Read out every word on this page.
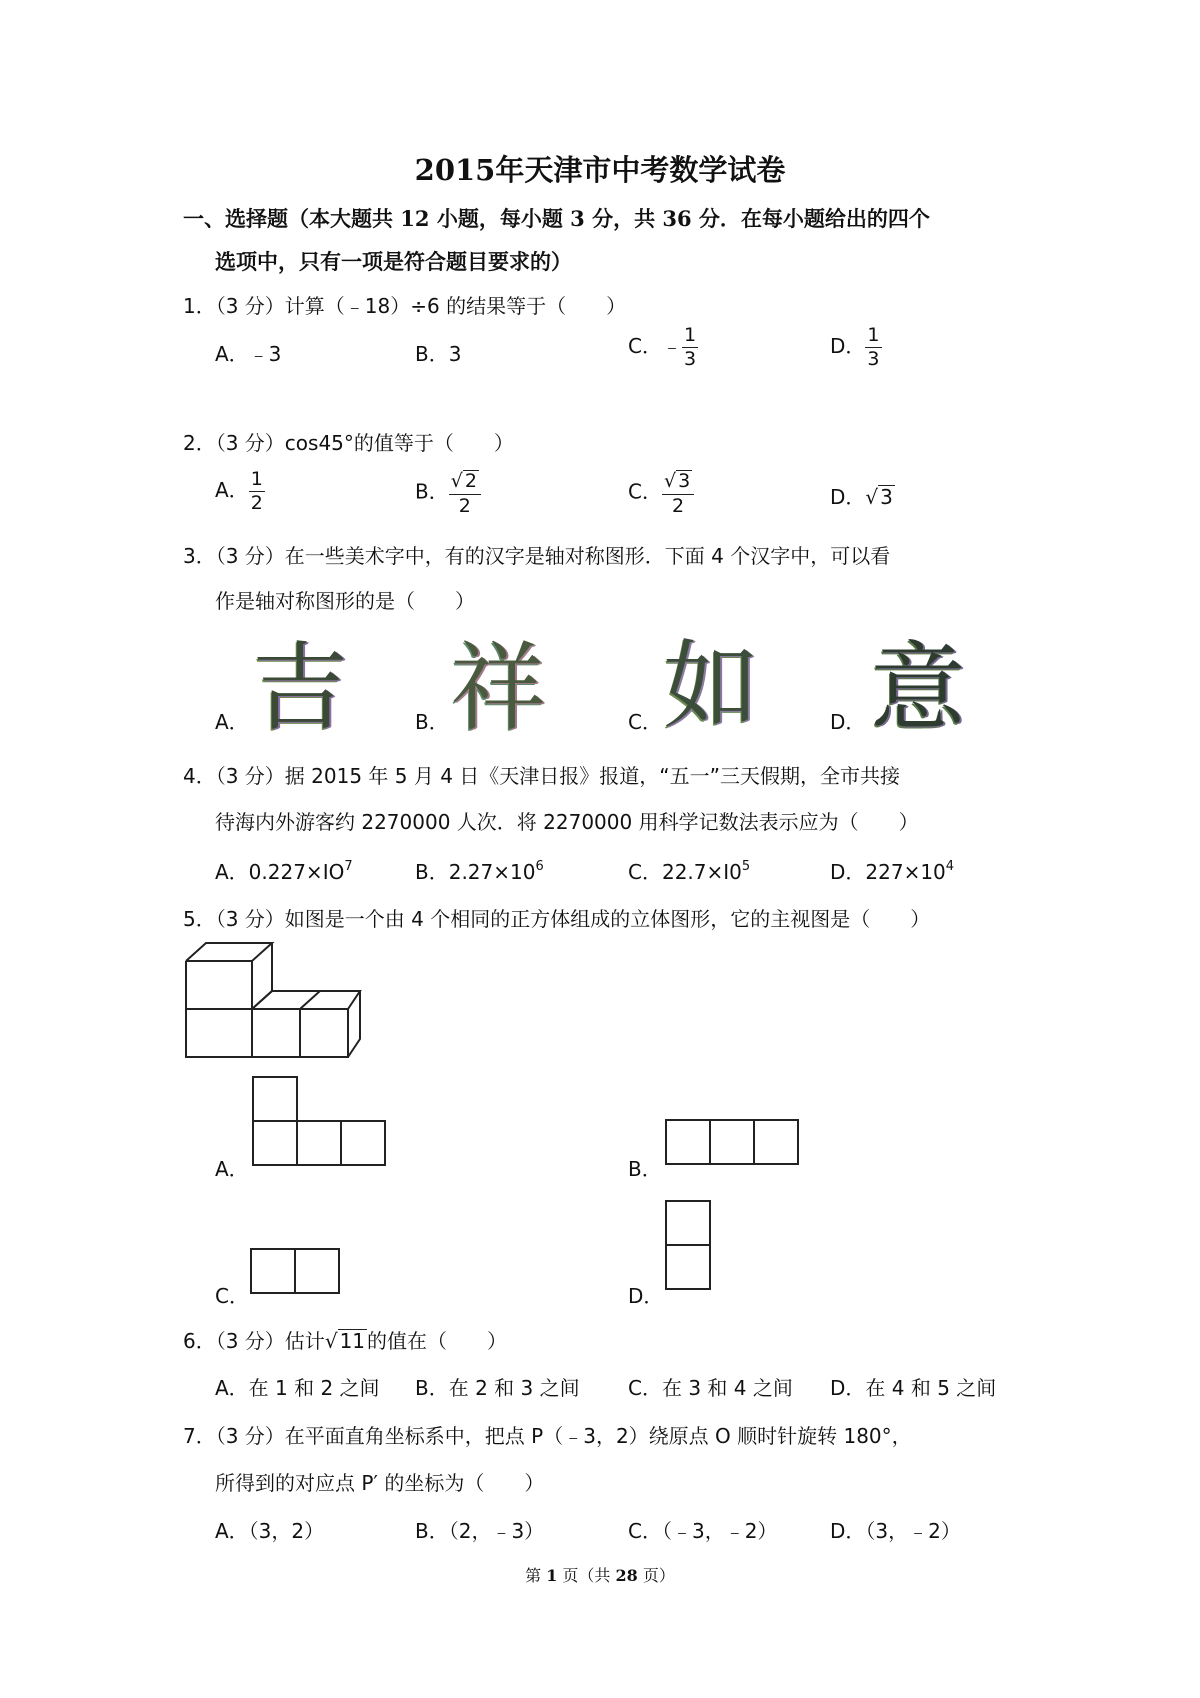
2015年天津市中考数学试卷
一、选择题（本大题共 12 小题，每小题 3 分，共 36 分．在每小题给出的四个
选项中，只有一项是符合题目要求的）
1．（3 分）计算（﹣18）÷6 的结果等于（　　）
A．﹣3	B．3	C．﹣ $\frac{1}{3}$	D． $\frac{1}{3}$
2．（3 分）cos45°的值等于（　　）
A． $\frac{1}{2}$	B． $\frac{√ 2}{2}$	C． $\frac{√ 3}{2}$	D．√ 3
3．（3 分）在一些美术字中，有的汉字是轴对称图形．下面 4 个汉字中，可以看
作是轴对称图形的是（　　）
A． 吉	B． 祥	C． 如	D． 意
4．（3 分）据 2015 年 5 月 4 日《天津日报》报道，“五一”三天假期，全市共接
待海内外游客约 2270000 人次．将 2270000 用科学记数法表示应为（　　）
A．$0.227\times IO^7$	B．$2.27\times 10^6$	C．$22.7\times I0^5$	D．$227\times 10^4$
5．（3 分）如图是一个由 4 个相同的正方体组成的立体图形，它的主视图是（　　）
A．	B．
C．	D．
6．（3 分）估计√ 11 的值在（　　）
A．在 1 和 2 之间 B．在 2 和 3 之间 C．在 3 和 4 之间 D．在 4 和 5 之间
7．（3 分）在平面直角坐标系中，把点 P（﹣3，2）绕原点 O 顺时针旋转 180°，
所得到的对应点 P′ 的坐标为（　　）
A．（3，2）	B．（2，﹣3）	C．（﹣3，﹣2）	D．（3，﹣2）
第 1 页（共 28 页）
